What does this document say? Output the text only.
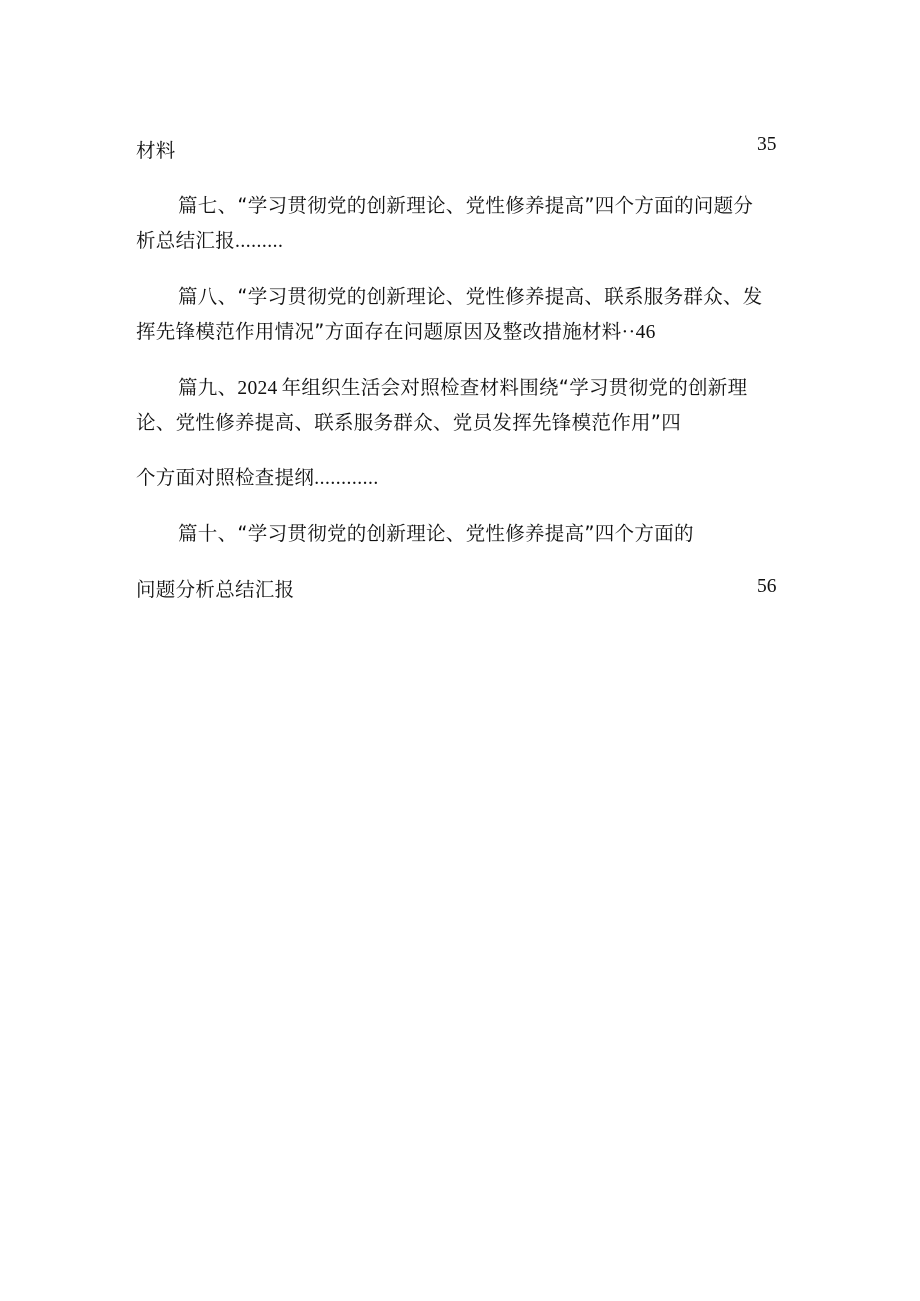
材料	35
篇七、“学习贯彻党的创新理论、党性修养提高”四个方面的问题分
析总结汇报.........
篇八、“学习贯彻党的创新理论、党性修养提高、联系服务群众、发
挥先锋模范作用情况”方面存在问题原因及整改措施材料··46
篇九、2024 年组织生活会对照检查材料围绕“学习贯彻党的创新理
论、党性修养提高、联系服务群众、党员发挥先锋模范作用”四
个方面对照检查提纲............
篇十、“学习贯彻党的创新理论、党性修养提高”四个方面的
问题分析总结汇报	56
